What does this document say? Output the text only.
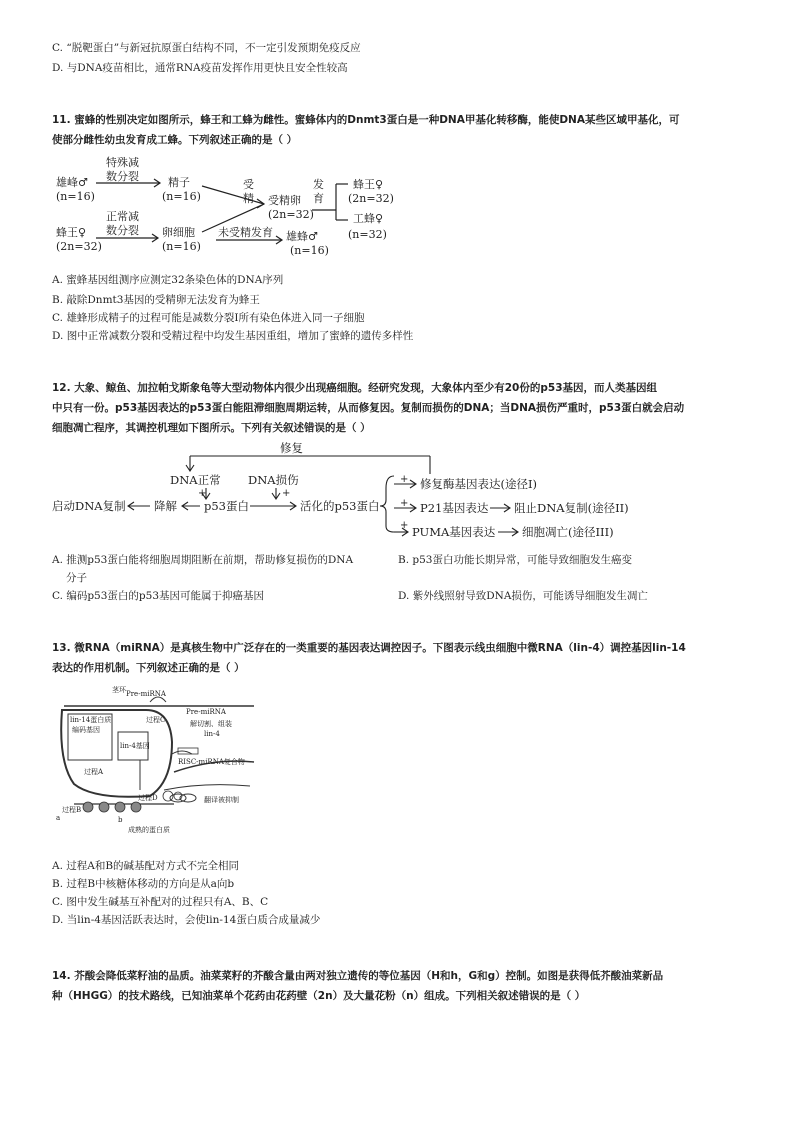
C. “脱靶蛋白”与新冠抗原蛋白结构不同，不一定引发预期免疫反应
D. 与DNA疫苗相比，通常RNA疫苗发挥作用更快且安全性较高
11. 蜜蜂的性别决定如图所示，蜂王和工蜂为雌性。蜜蜂体内的Dnmt3蛋白是一种DNA甲基化转移酶，能使DNA某些区域甲基化，可
使部分雌性幼虫发育成工蜂。下列叙述正确的是（ ）
雄峰♂
(n=16)
特殊减
数分裂	精子
(n=16)
受
精 受精卵
(2n=32)
发
育
蜂王♀
(2n=32)
工蜂♀
(n=32)
蜂王♀
(2n=32)
正常减
数分裂 卵细胞
(n=16)
未受精发育 雄蜂♂
(n=16)
A. 蜜蜂基因组测序应测定32条染色体的DNA序列
B. 敲除Dnmt3基因的受精卵无法发育为蜂王
C. 雄蜂形成精子的过程可能是减数分裂I所有染色体进入同一子细胞
D. 图中正常减数分裂和受精过程中均发生基因重组，增加了蜜蜂的遗传多样性
12. 大象、鲸鱼、加拉帕戈斯象龟等大型动物体内很少出现癌细胞。经研究发现，大象体内至少有20份的p53基因，而人类基因组
中只有一份。p53基因表达的p53蛋白能阻滞细胞周期运转，从而修复因。复制而损伤的DNA；当DNA损伤严重时，p53蛋白就会启动
细胞凋亡程序，其调控机理如下图所示。下列有关叙述错误的是（ ）
修复
DNA正常 DNA损伤
+	+
启动DNA复制 降解 p53蛋白	活化的p53蛋白
+
+
+
修复酶基因表达(途径I)
P21基因表达 阻止DNA复制(途径II)
PUMA基因表达 细胞凋亡(途径III)
A. 推测p53蛋白能将细胞周期阻断在前期，帮助修复损伤的DNA
分子
B. p53蛋白功能长期异常，可能导致细胞发生癌变
C. 编码p53蛋白的p53基因可能属于抑癌基因	D. 紫外线照射导致DNA损伤，可能诱导细胞发生凋亡
13. 微RNA（miRNA）是真核生物中广泛存在的一类重要的基因表达调控因子。下图表示线虫细胞中微RNA（lin-4）调控基因lin-14
表达的作用机制。下列叙述正确的是（ ）
茎环 Pre-miRNA
过程C
Pre-miRNA
lin-14蛋白质
编码基因
lin-4基因
过程A
解切割、组装
lin-4
RISC-miRNA复合物
过程D	翻译被抑制
过程B
a	b
成熟的蛋白质
A. 过程A和B的碱基配对方式不完全相同
B. 过程B中核糖体移动的方向是从a向b
C. 图中发生碱基互补配对的过程只有A、B、C
D. 当lin-4基因活跃表达时，会使lin-14蛋白质合成量减少
14. 芥酸会降低菜籽油的品质。油菜菜籽的芥酸含量由两对独立遗传的等位基因（H和h，G和g）控制。如图是获得低芥酸油菜新品
种（HHGG）的技术路线，已知油菜单个花药由花药壁（2n）及大量花粉（n）组成。下列相关叙述错误的是（ ）
